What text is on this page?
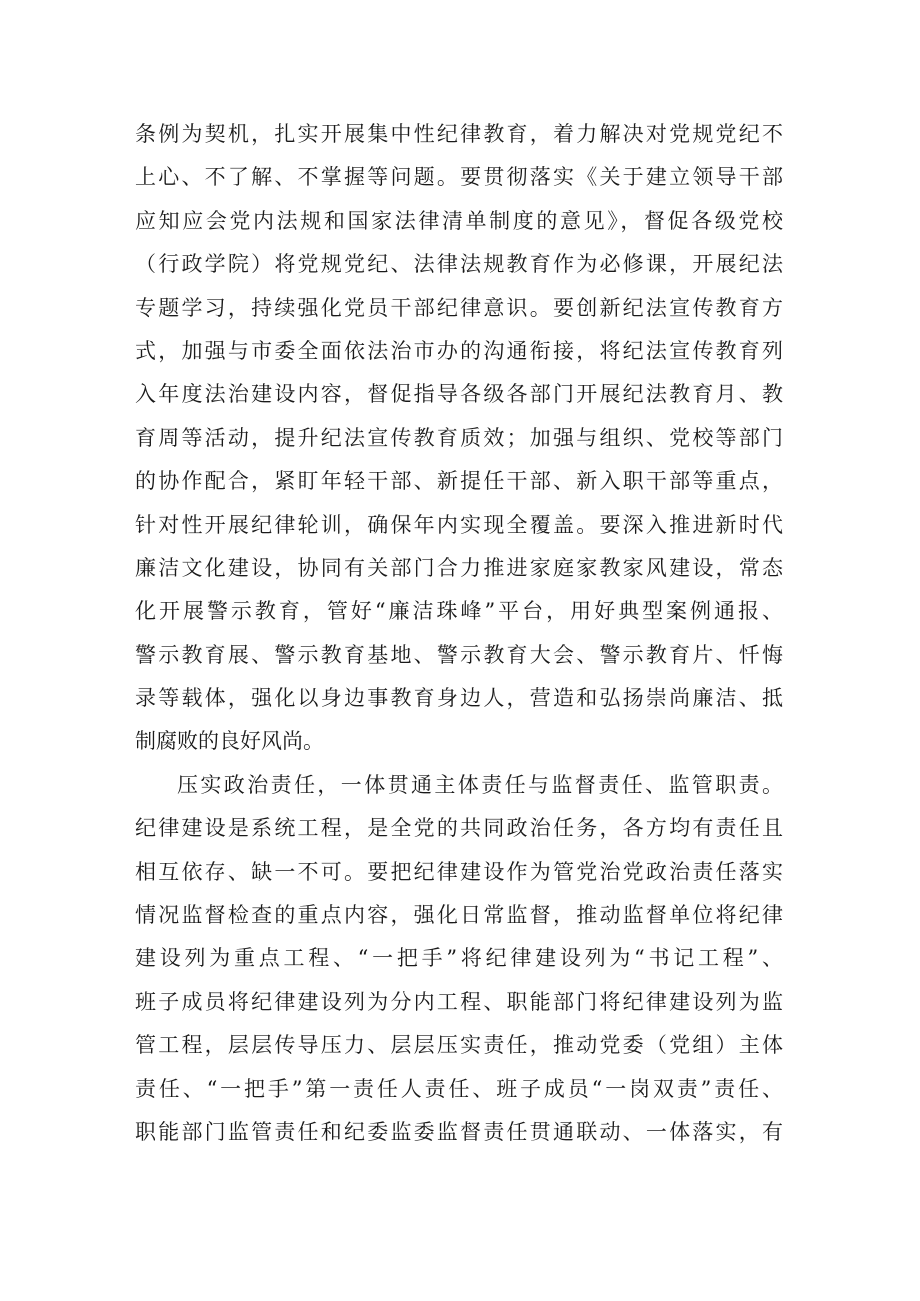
条例为契机，扎实开展集中性纪律教育，着力解决对党规党纪不
上心、不了解、不掌握等问题。要贯彻落实《关于建立领导干部
应知应会党内法规和国家法律清单制度的意见》，督促各级党校
（行政学院）将党规党纪、法律法规教育作为必修课，开展纪法
专题学习，持续强化党员干部纪律意识。要创新纪法宣传教育方
式，加强与市委全面依法治市办的沟通衔接，将纪法宣传教育列
入年度法治建设内容，督促指导各级各部门开展纪法教育月、教
育周等活动，提升纪法宣传教育质效；加强与组织、党校等部门
的协作配合，紧盯年轻干部、新提任干部、新入职干部等重点，
针对性开展纪律轮训，确保年内实现全覆盖。要深入推进新时代
廉洁文化建设，协同有关部门合力推进家庭家教家风建设，常态
化开展警示教育，管好“廉洁珠峰”平台，用好典型案例通报、
警示教育展、警示教育基地、警示教育大会、警示教育片、忏悔
录等载体，强化以身边事教育身边人，营造和弘扬崇尚廉洁、抵
制腐败的良好风尚。
压实政治责任，一体贯通主体责任与监督责任、监管职责。
纪律建设是系统工程，是全党的共同政治任务，各方均有责任且
相互依存、缺一不可。要把纪律建设作为管党治党政治责任落实
情况监督检查的重点内容，强化日常监督，推动监督单位将纪律
建设列为重点工程、“一把手”将纪律建设列为“书记工程”、
班子成员将纪律建设列为分内工程、职能部门将纪律建设列为监
管工程，层层传导压力、层层压实责任，推动党委（党组）主体
责任、“一把手”第一责任人责任、班子成员“一岗双责”责任、
职能部门监管责任和纪委监委监督责任贯通联动、一体落实，有
